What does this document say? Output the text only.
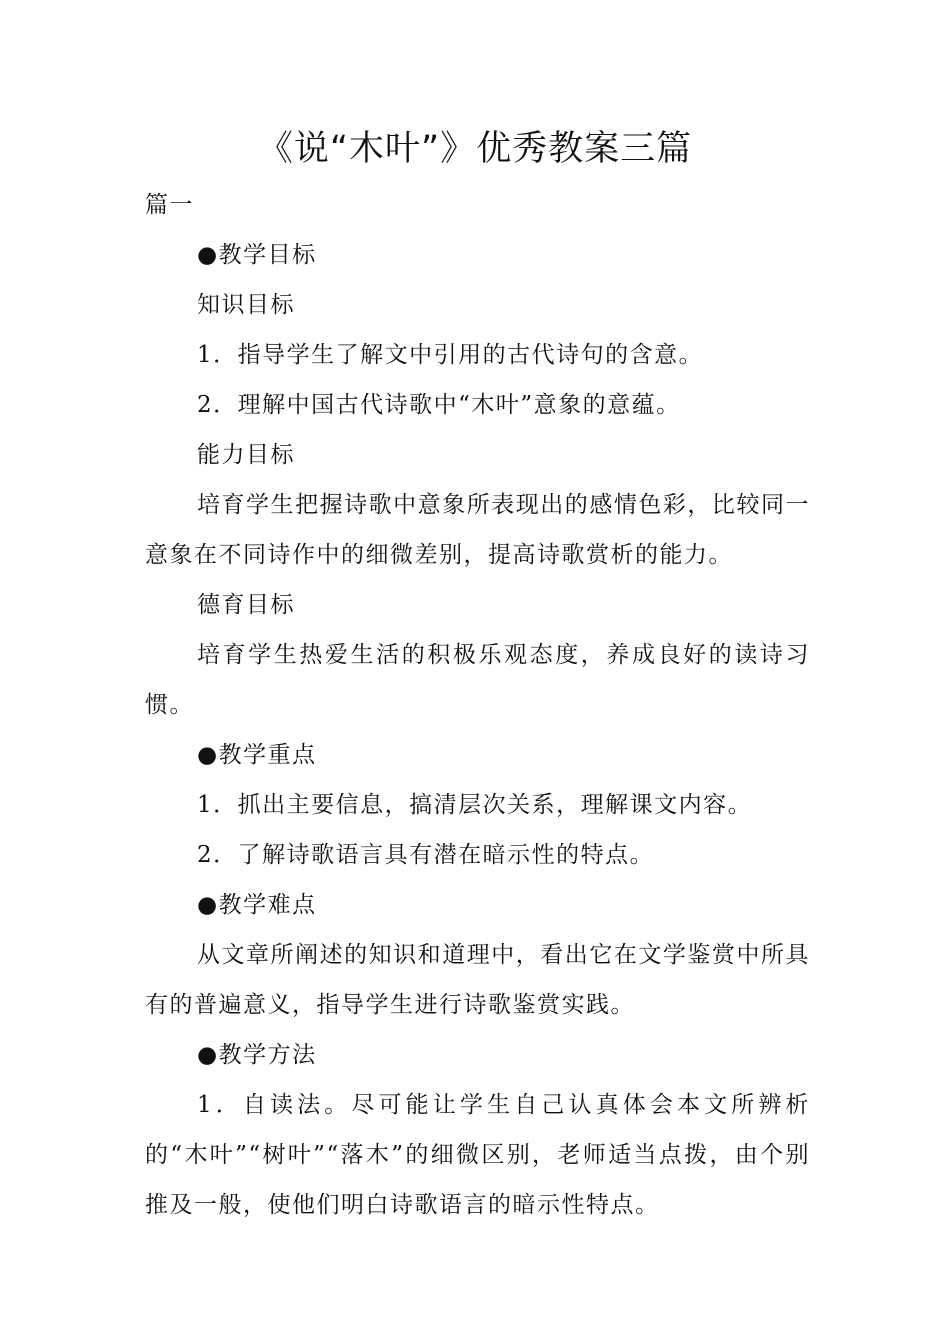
《说“木叶”》优秀教案三篇

篇一

●教学目标

知识目标

1．指导学生了解文中引用的古代诗句的含意。

2．理解中国古代诗歌中“木叶”意象的意蕴。

能力目标

培育学生把握诗歌中意象所表现出的感情色彩，比较同一意象在不同诗作中的细微差别，提高诗歌赏析的能力。

德育目标

培育学生热爱生活的积极乐观态度，养成良好的读诗习惯。

●教学重点

1．抓出主要信息，搞清层次关系，理解课文内容。

2．了解诗歌语言具有潜在暗示性的特点。

●教学难点

从文章所阐述的知识和道理中，看出它在文学鉴赏中所具有的普遍意义，指导学生进行诗歌鉴赏实践。

●教学方法

1．自读法。尽可能让学生自己认真体会本文所辨析的“木叶”“树叶”“落木”的细微区别，老师适当点拨，由个别推及一般，使他们明白诗歌语言的暗示性特点。
